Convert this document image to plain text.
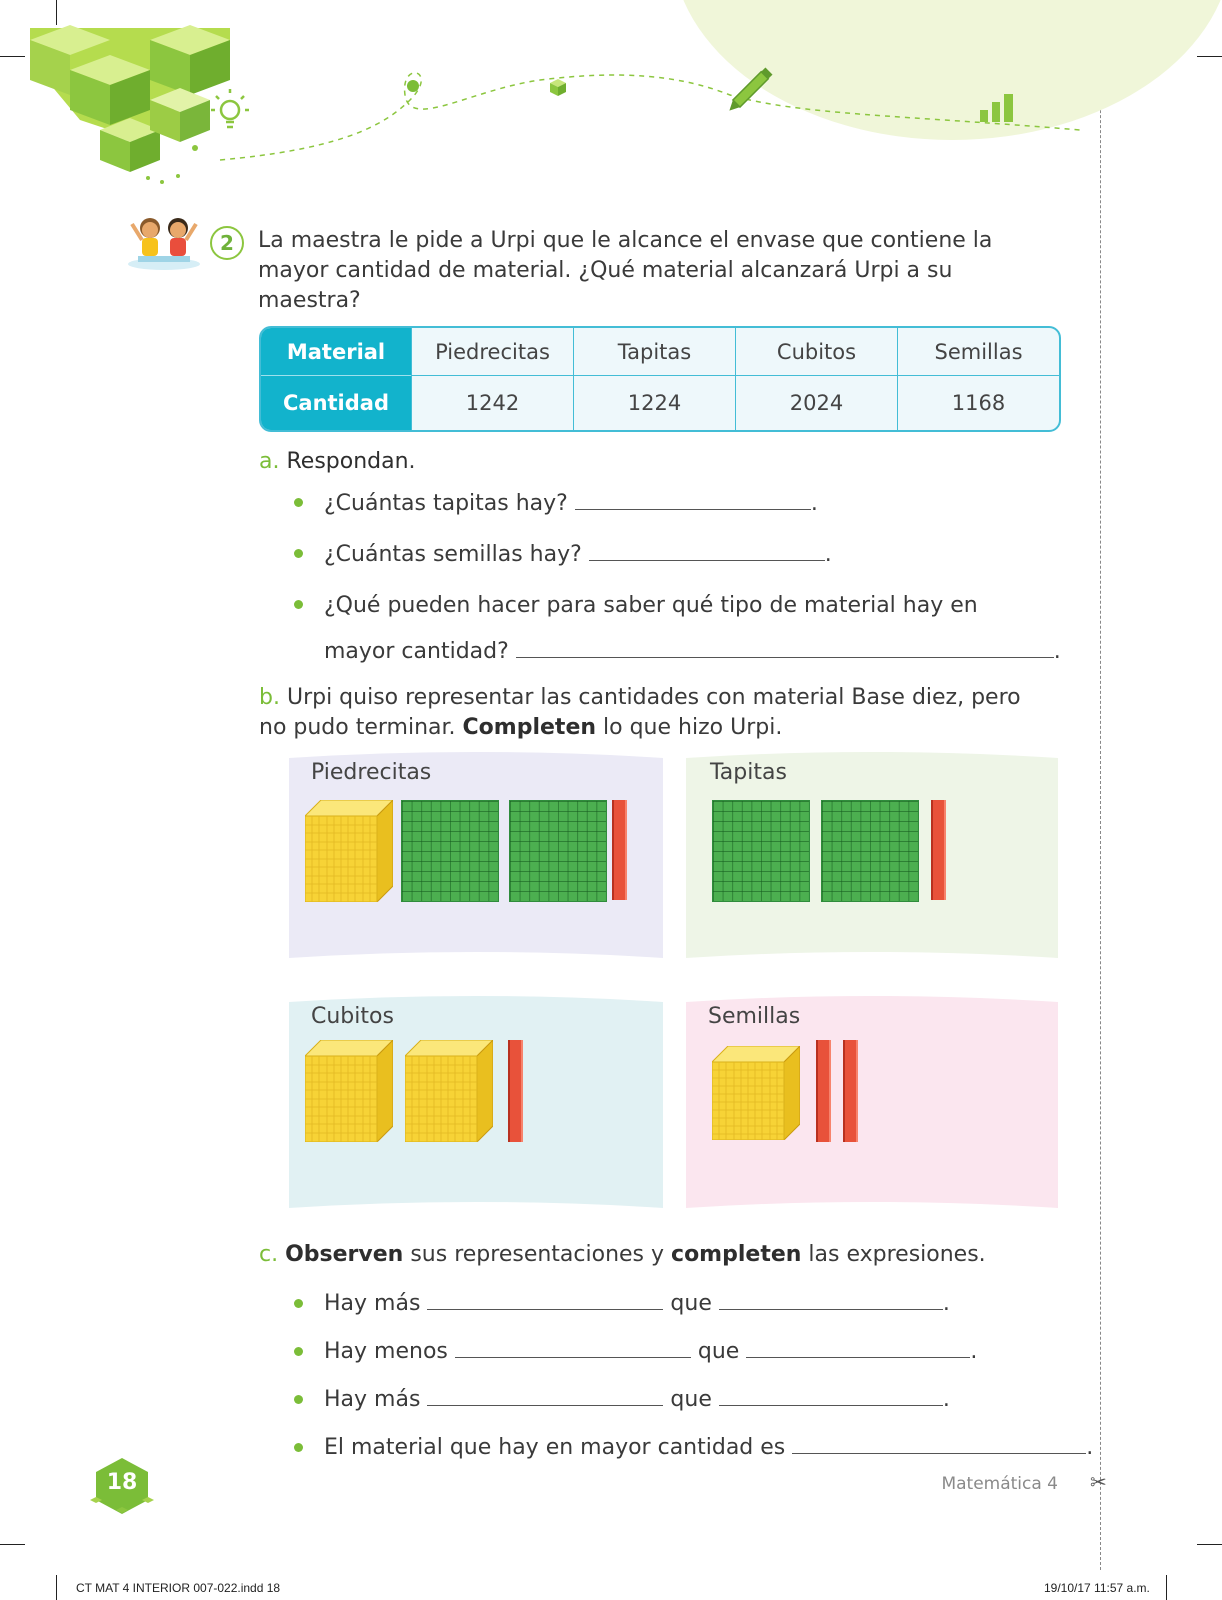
2	La maestra le pide a Urpi que le alcance el envase que contiene la mayor cantidad de material. ¿Qué material alcanzará Urpi a su maestra?
Material	Piedrecitas	Tapitas	Cubitos	Semillas
Cantidad	1242	1224	2024	1168
a. Respondan.
¿Cuántas tapitas hay?	.
¿Cuántas semillas hay?	.
¿Qué pueden hacer para saber qué tipo de material hay en
mayor cantidad?	.
b. Urpi quiso representar las cantidades con material Base diez, pero no pudo terminar. Completen lo que hizo Urpi.
Piedrecitas	Tapitas
Cubitos	Semillas
c. Observen sus representaciones y completen las expresiones.
Hay más	que	.
Hay menos	que	.
Hay más	que	.
El material que hay en mayor cantidad es	.
18	Matemática 4 ✂
CT MAT 4 INTERIOR 007-022.indd 18	19/10/17 11:57 a.m.
